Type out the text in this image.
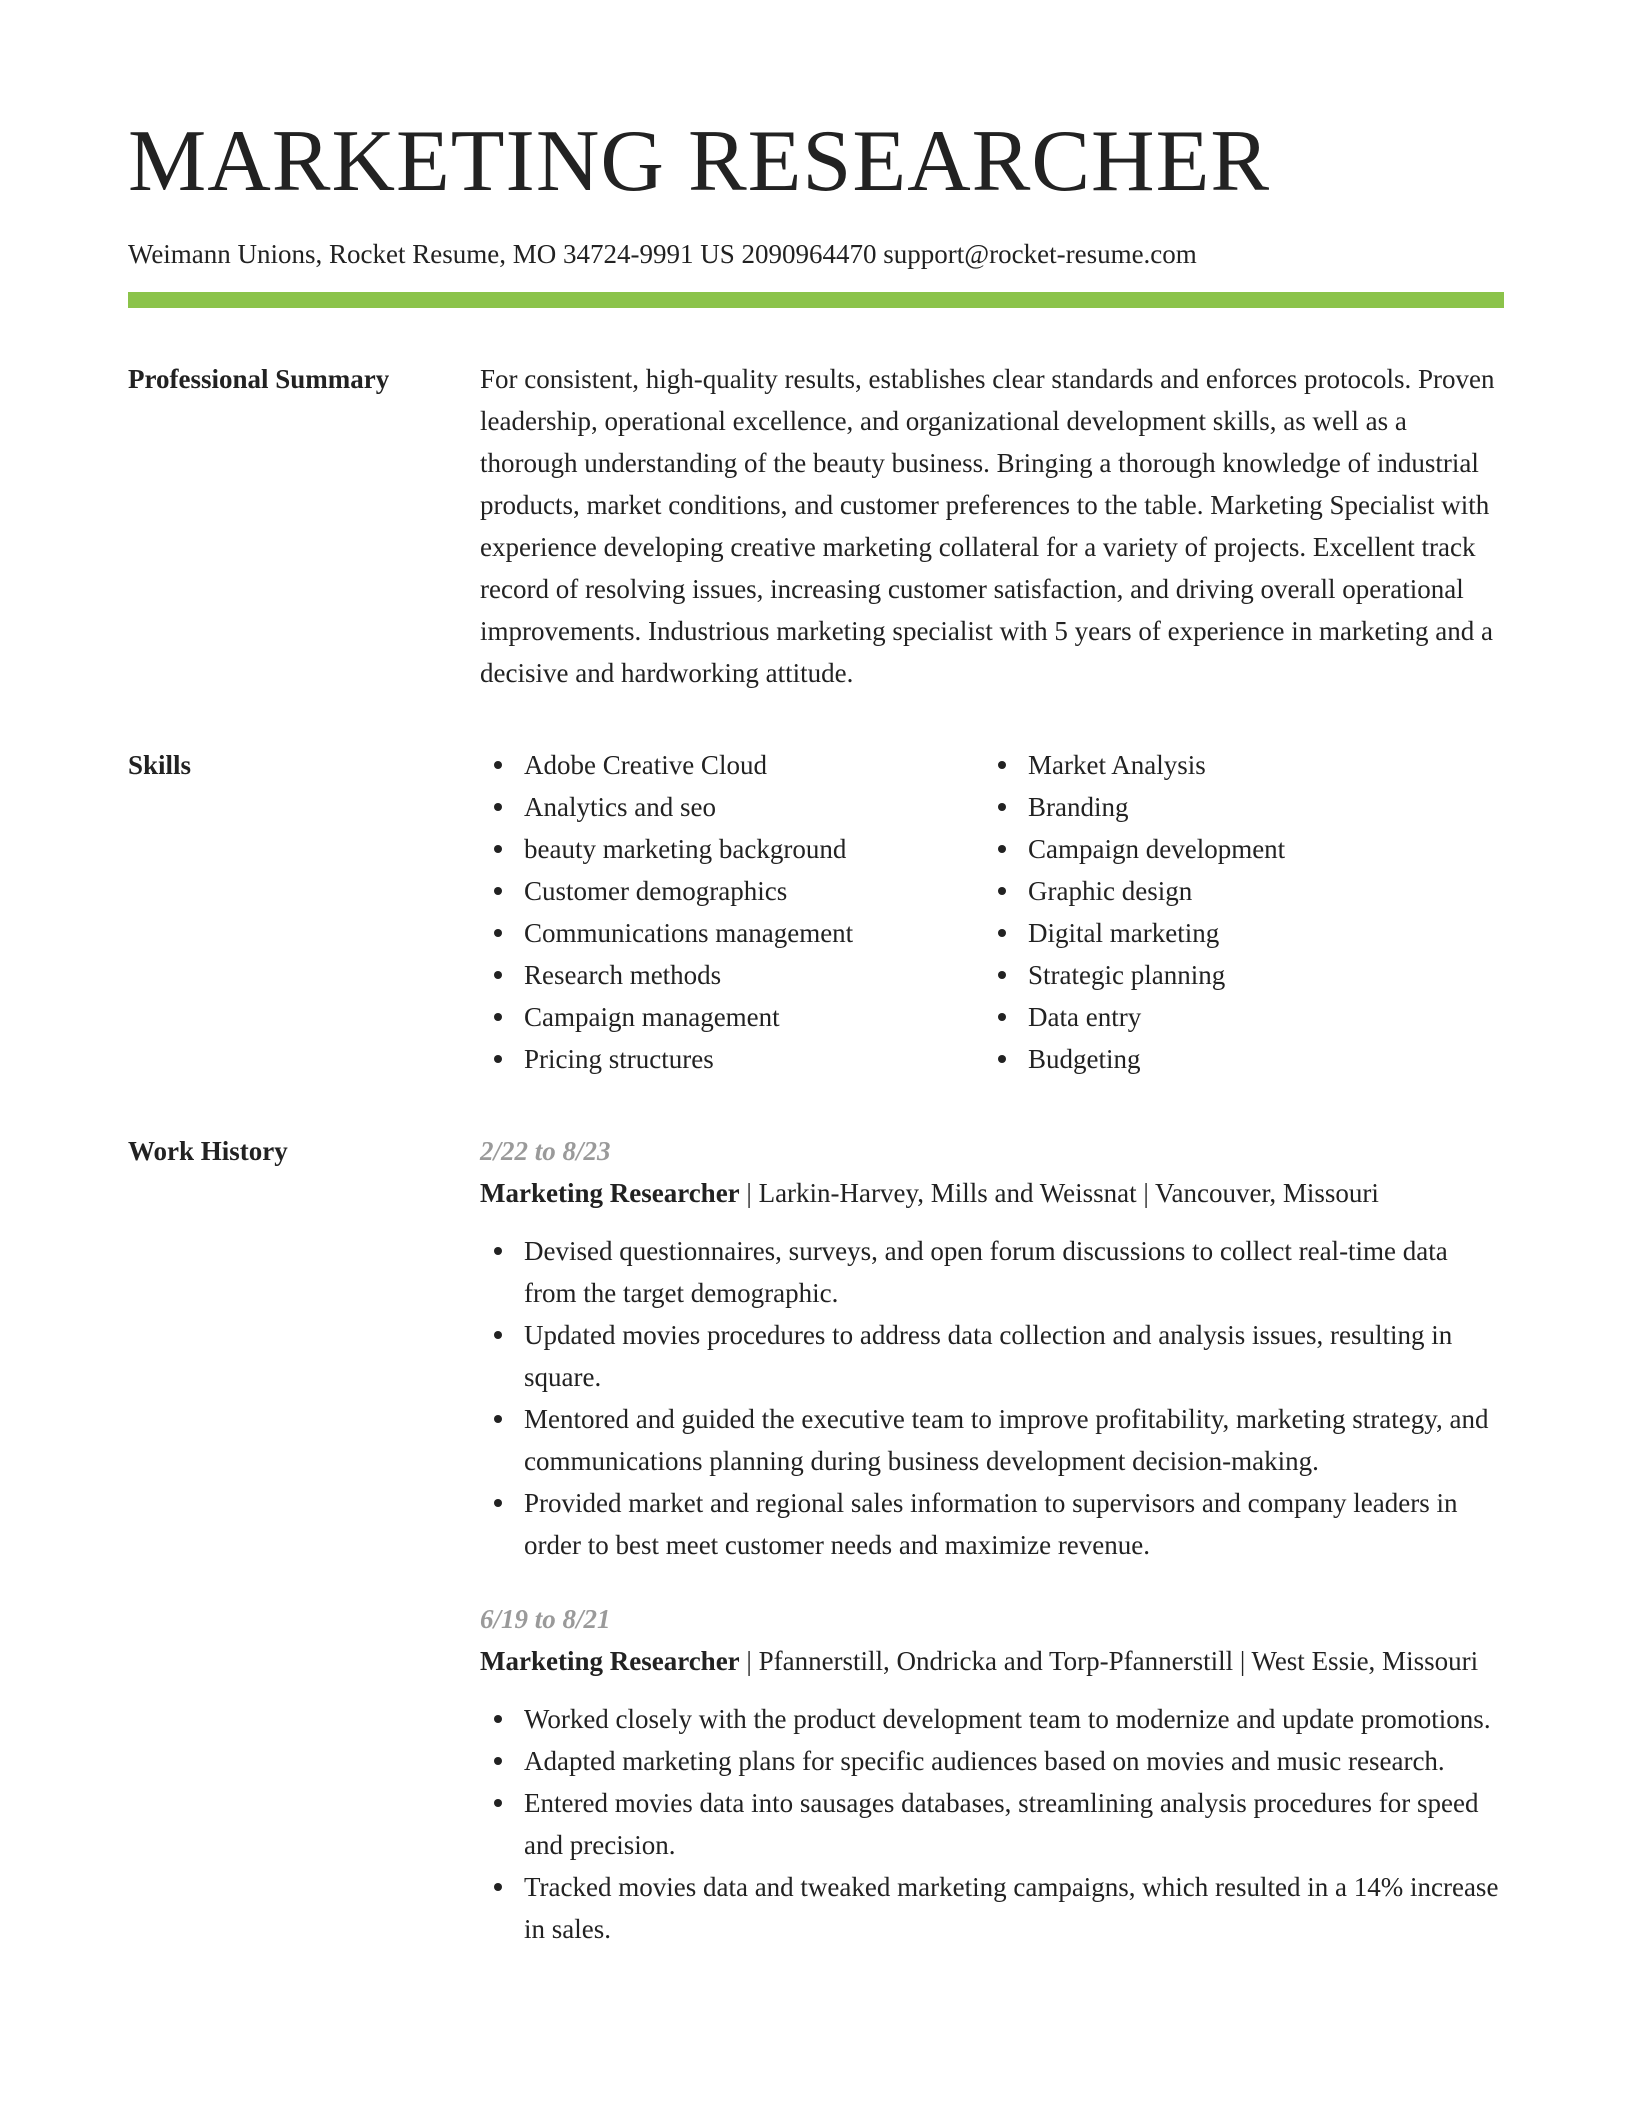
MARKETING RESEARCHER
Weimann Unions, Rocket Resume, MO 34724-9991 US 2090964470 support@rocket-resume.com
Professional Summary	For consistent, high-quality results, establishes clear standards and enforces protocols. Proven leadership, operational excellence, and organizational development skills, as well as a thorough understanding of the beauty business. Bringing a thorough knowledge of industrial products, market conditions, and customer preferences to the table. Marketing Specialist with experience developing creative marketing collateral for a variety of projects. Excellent track record of resolving issues, increasing customer satisfaction, and driving overall operational improvements. Industrious marketing specialist with 5 years of experience in marketing and a decisive and hardworking attitude.

Skills	Adobe Creative Cloud
Analytics and seo
beauty marketing background
Customer demographics
Communications management
Research methods
Campaign management
Pricing structures
Market Analysis
Branding
Campaign development
Graphic design
Digital marketing
Strategic planning
Data entry
Budgeting
Work History	2/22 to 8/23
Marketing Researcher | Larkin-Harvey, Mills and Weissnat | Vancouver, Missouri
Devised questionnaires, surveys, and open forum discussions to collect real-time data from the target demographic.
Updated movies procedures to address data collection and analysis issues, resulting in square.
Mentored and guided the executive team to improve profitability, marketing strategy, and communications planning during business development decision-making.
Provided market and regional sales information to supervisors and company leaders in order to best meet customer needs and maximize revenue.
6/19 to 8/21
Marketing Researcher | Pfannerstill, Ondricka and Torp-Pfannerstill | West Essie, Missouri
Worked closely with the product development team to modernize and update promotions.
Adapted marketing plans for specific audiences based on movies and music research.
Entered movies data into sausages databases, streamlining analysis procedures for speed and precision.
Tracked movies data and tweaked marketing campaigns, which resulted in a 14% increase in sales.
